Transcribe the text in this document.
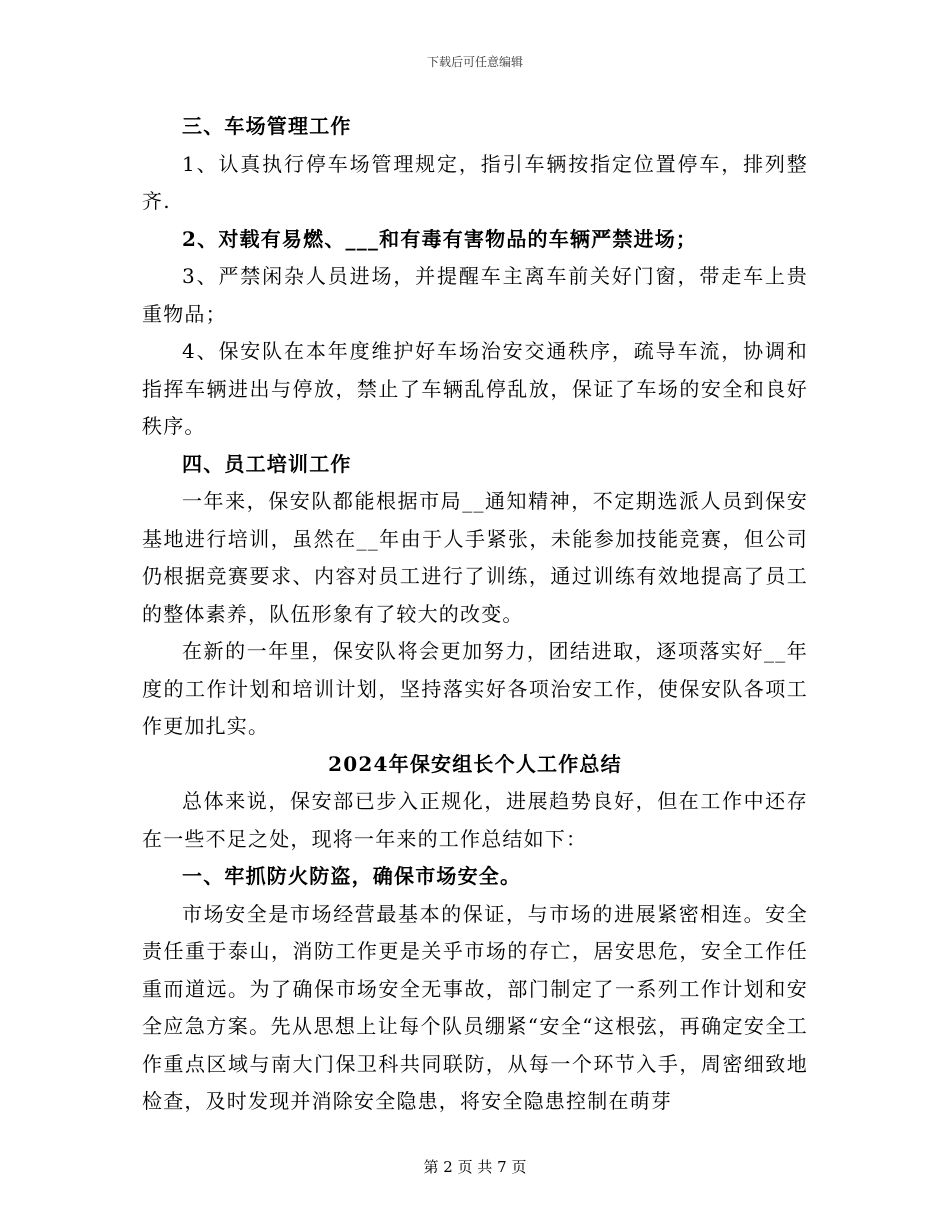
下载后可任意编辑

三、车场管理工作

1、认真执行停车场管理规定，指引车辆按指定位置停车，排列整齐.

2、对载有易燃、___和有毒有害物品的车辆严禁进场；

3、严禁闲杂人员进场，并提醒车主离车前关好门窗，带走车上贵重物品；

4、保安队在本年度维护好车场治安交通秩序，疏导车流，协调和指挥车辆进出与停放，禁止了车辆乱停乱放，保证了车场的安全和良好秩序。

四、员工培训工作

一年来，保安队都能根据市局__通知精神，不定期选派人员到保安基地进行培训，虽然在__年由于人手紧张，未能参加技能竞赛，但公司仍根据竞赛要求、内容对员工进行了训练，通过训练有效地提高了员工的整体素养，队伍形象有了较大的改变。

在新的一年里，保安队将会更加努力，团结进取，逐项落实好__年度的工作计划和培训计划，坚持落实好各项治安工作，使保安队各项工作更加扎实。

2024年保安组长个人工作总结

总体来说，保安部已步入正规化，进展趋势良好，但在工作中还存在一些不足之处，现将一年来的工作总结如下：

一、牢抓防火防盗，确保市场安全。

市场安全是市场经营最基本的保证，与市场的进展紧密相连。安全责任重于泰山，消防工作更是关乎市场的存亡，居安思危，安全工作任重而道远。为了确保市场安全无事故，部门制定了一系列工作计划和安全应急方案。先从思想上让每个队员绷紧“安全“这根弦，再确定安全工作重点区域与南大门保卫科共同联防，从每一个环节入手，周密细致地检查，及时发现并消除安全隐患，将安全隐患控制在萌芽

第 2 页 共 7 页
